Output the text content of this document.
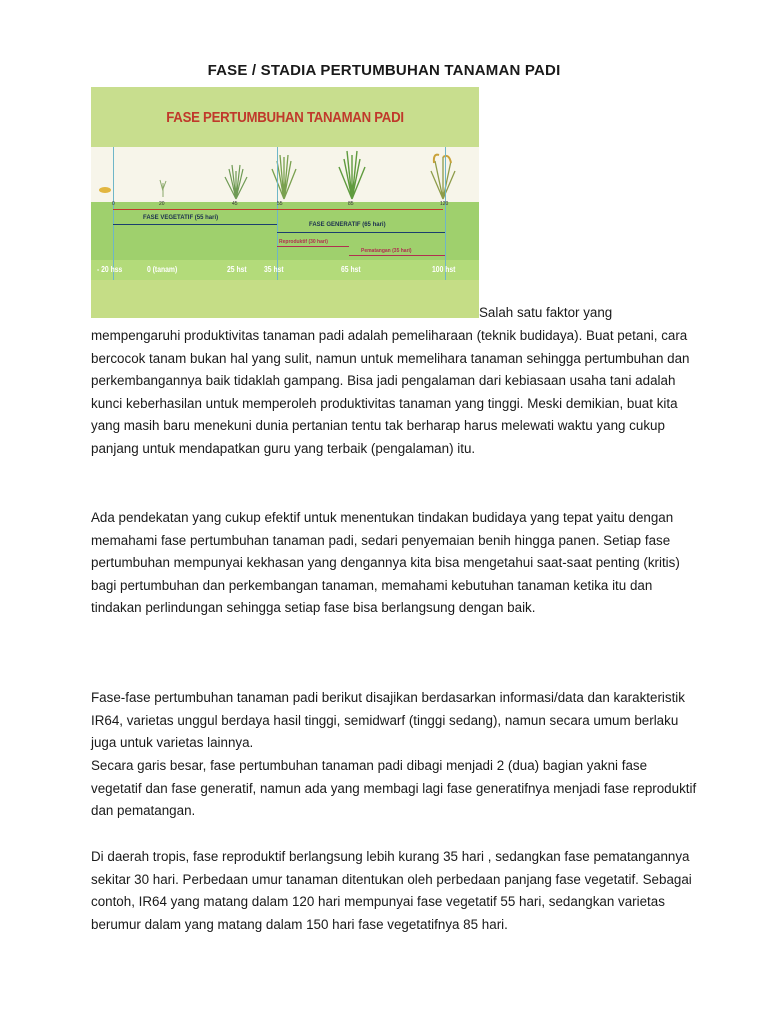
FASE / STADIA PERTUMBUHAN TANAMAN PADI
FASE PERTUMBUHAN TANAMAN PADI
0	20	45	55	85	120
FASE VEGETATIF (55 hari)
FASE GENERATIF (65 hari)
Reproduktif (30 hari)
Pematangan (35 hari)
- 20 hss	0 (tanam)	25 hst 35 hst	65 hst	100 hst
Salah satu faktor yang

mempengaruhi produktivitas tanaman padi adalah pemeliharaan (teknik budidaya). Buat petani, cara bercocok tanam bukan hal yang sulit, namun untuk memelihara tanaman sehingga pertumbuhan dan perkembangannya baik tidaklah gampang. Bisa jadi pengalaman dari kebiasaan usaha tani adalah kunci keberhasilan untuk memperoleh produktivitas tanaman yang tinggi. Meski demikian, buat kita yang masih baru menekuni dunia pertanian tentu tak berharap harus melewati waktu yang cukup panjang untuk mendapatkan guru yang terbaik (pengalaman) itu.

Ada pendekatan yang cukup efektif untuk menentukan tindakan budidaya yang tepat yaitu dengan memahami fase pertumbuhan tanaman padi, sedari penyemaian benih hingga panen. Setiap fase pertumbuhan mempunyai kekhasan yang dengannya kita bisa mengetahui saat-saat penting (kritis) bagi pertumbuhan dan perkembangan tanaman, memahami kebutuhan tanaman ketika itu dan tindakan perlindungan sehingga setiap fase bisa berlangsung dengan baik.

Fase-fase pertumbuhan tanaman padi berikut disajikan berdasarkan informasi/data dan karakteristik IR64, varietas unggul berdaya hasil tinggi, semidwarf (tinggi sedang), namun secara umum berlaku juga untuk varietas lainnya.

Secara garis besar, fase pertumbuhan tanaman padi dibagi menjadi 2 (dua) bagian yakni fase vegetatif dan fase generatif, namun ada yang membagi lagi fase generatifnya menjadi fase reproduktif dan pematangan.

Di daerah tropis, fase reproduktif berlangsung lebih kurang 35 hari , sedangkan fase pematangannya sekitar 30 hari. Perbedaan umur tanaman ditentukan oleh perbedaan panjang fase vegetatif. Sebagai contoh, IR64 yang matang dalam 120 hari mempunyai fase vegetatif 55 hari, sedangkan varietas berumur dalam yang matang dalam 150 hari fase vegetatifnya 85 hari.
